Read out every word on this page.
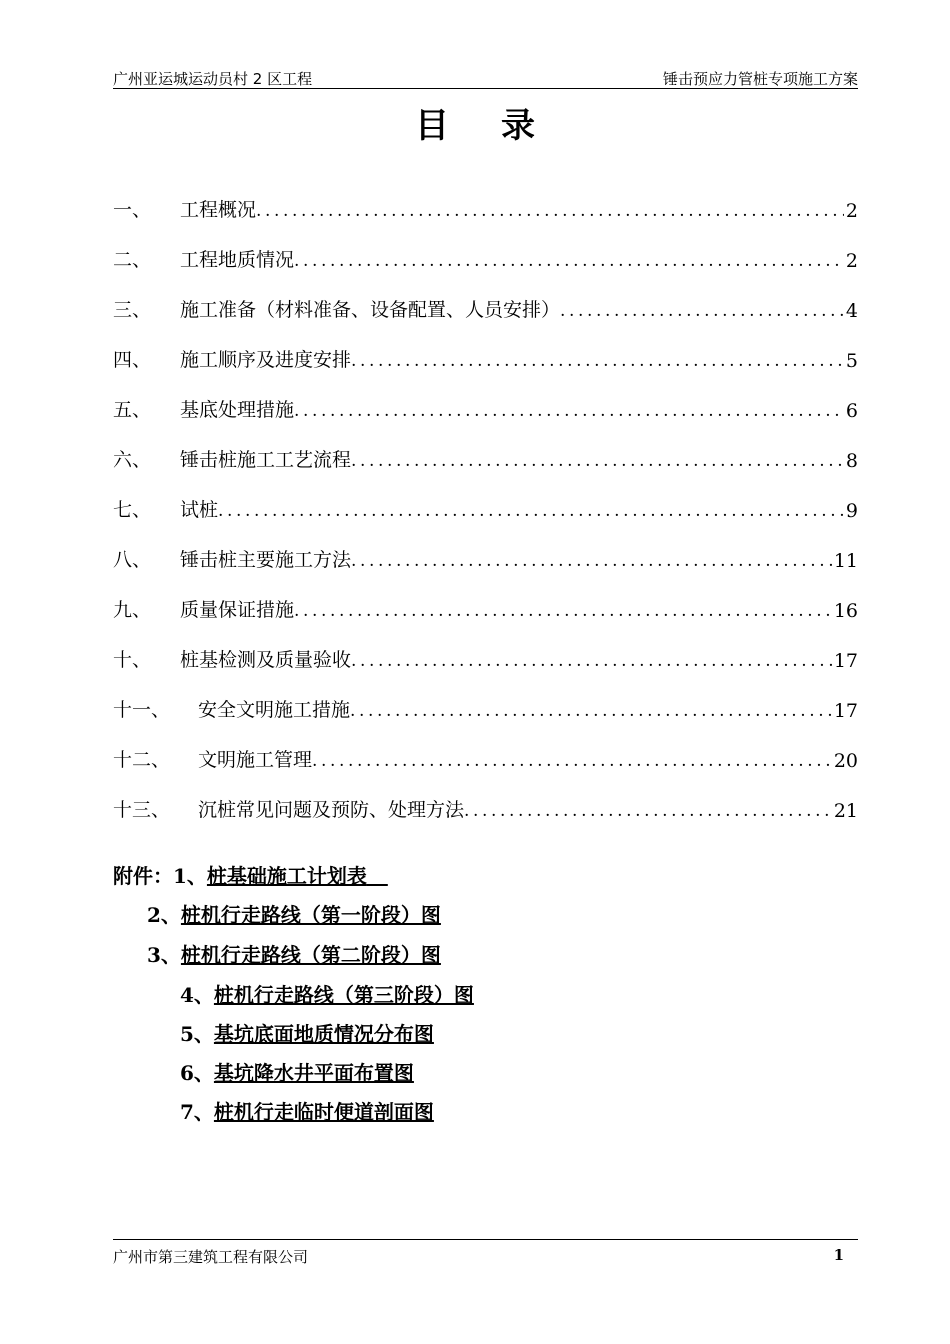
广州亚运城运动员村 2 区工程	锤击预应力管桩专项施工方案
目录
一、	工程概况 .....	2
二、	工程地质情况 .....	2
三、	施工准备（材料准备、设备配置、人员安排） .....	4
四、	施工顺序及进度安排 .....	5
五、	基底处理措施 .....	6
六、	锤击桩施工工艺流程 .....	8
七、	试桩 .....	9
八、	锤击桩主要施工方法 .....	11
九、	质量保证措施 .....	16
十、	桩基检测及质量验收 .....	17
十一、	安全文明施工措施 .....	17
十二、	文明施工管理 .....	20
十三、	沉桩常见问题及预防、处理方法 .....	21
附件：1、桩基础施工计划表
2、桩机行走路线（第一阶段）图
3、桩机行走路线（第二阶段）图
4、桩机行走路线（第三阶段）图
5、基坑底面地质情况分布图
6、基坑降水井平面布置图
7、桩机行走临时便道剖面图
广州市第三建筑工程有限公司	1
